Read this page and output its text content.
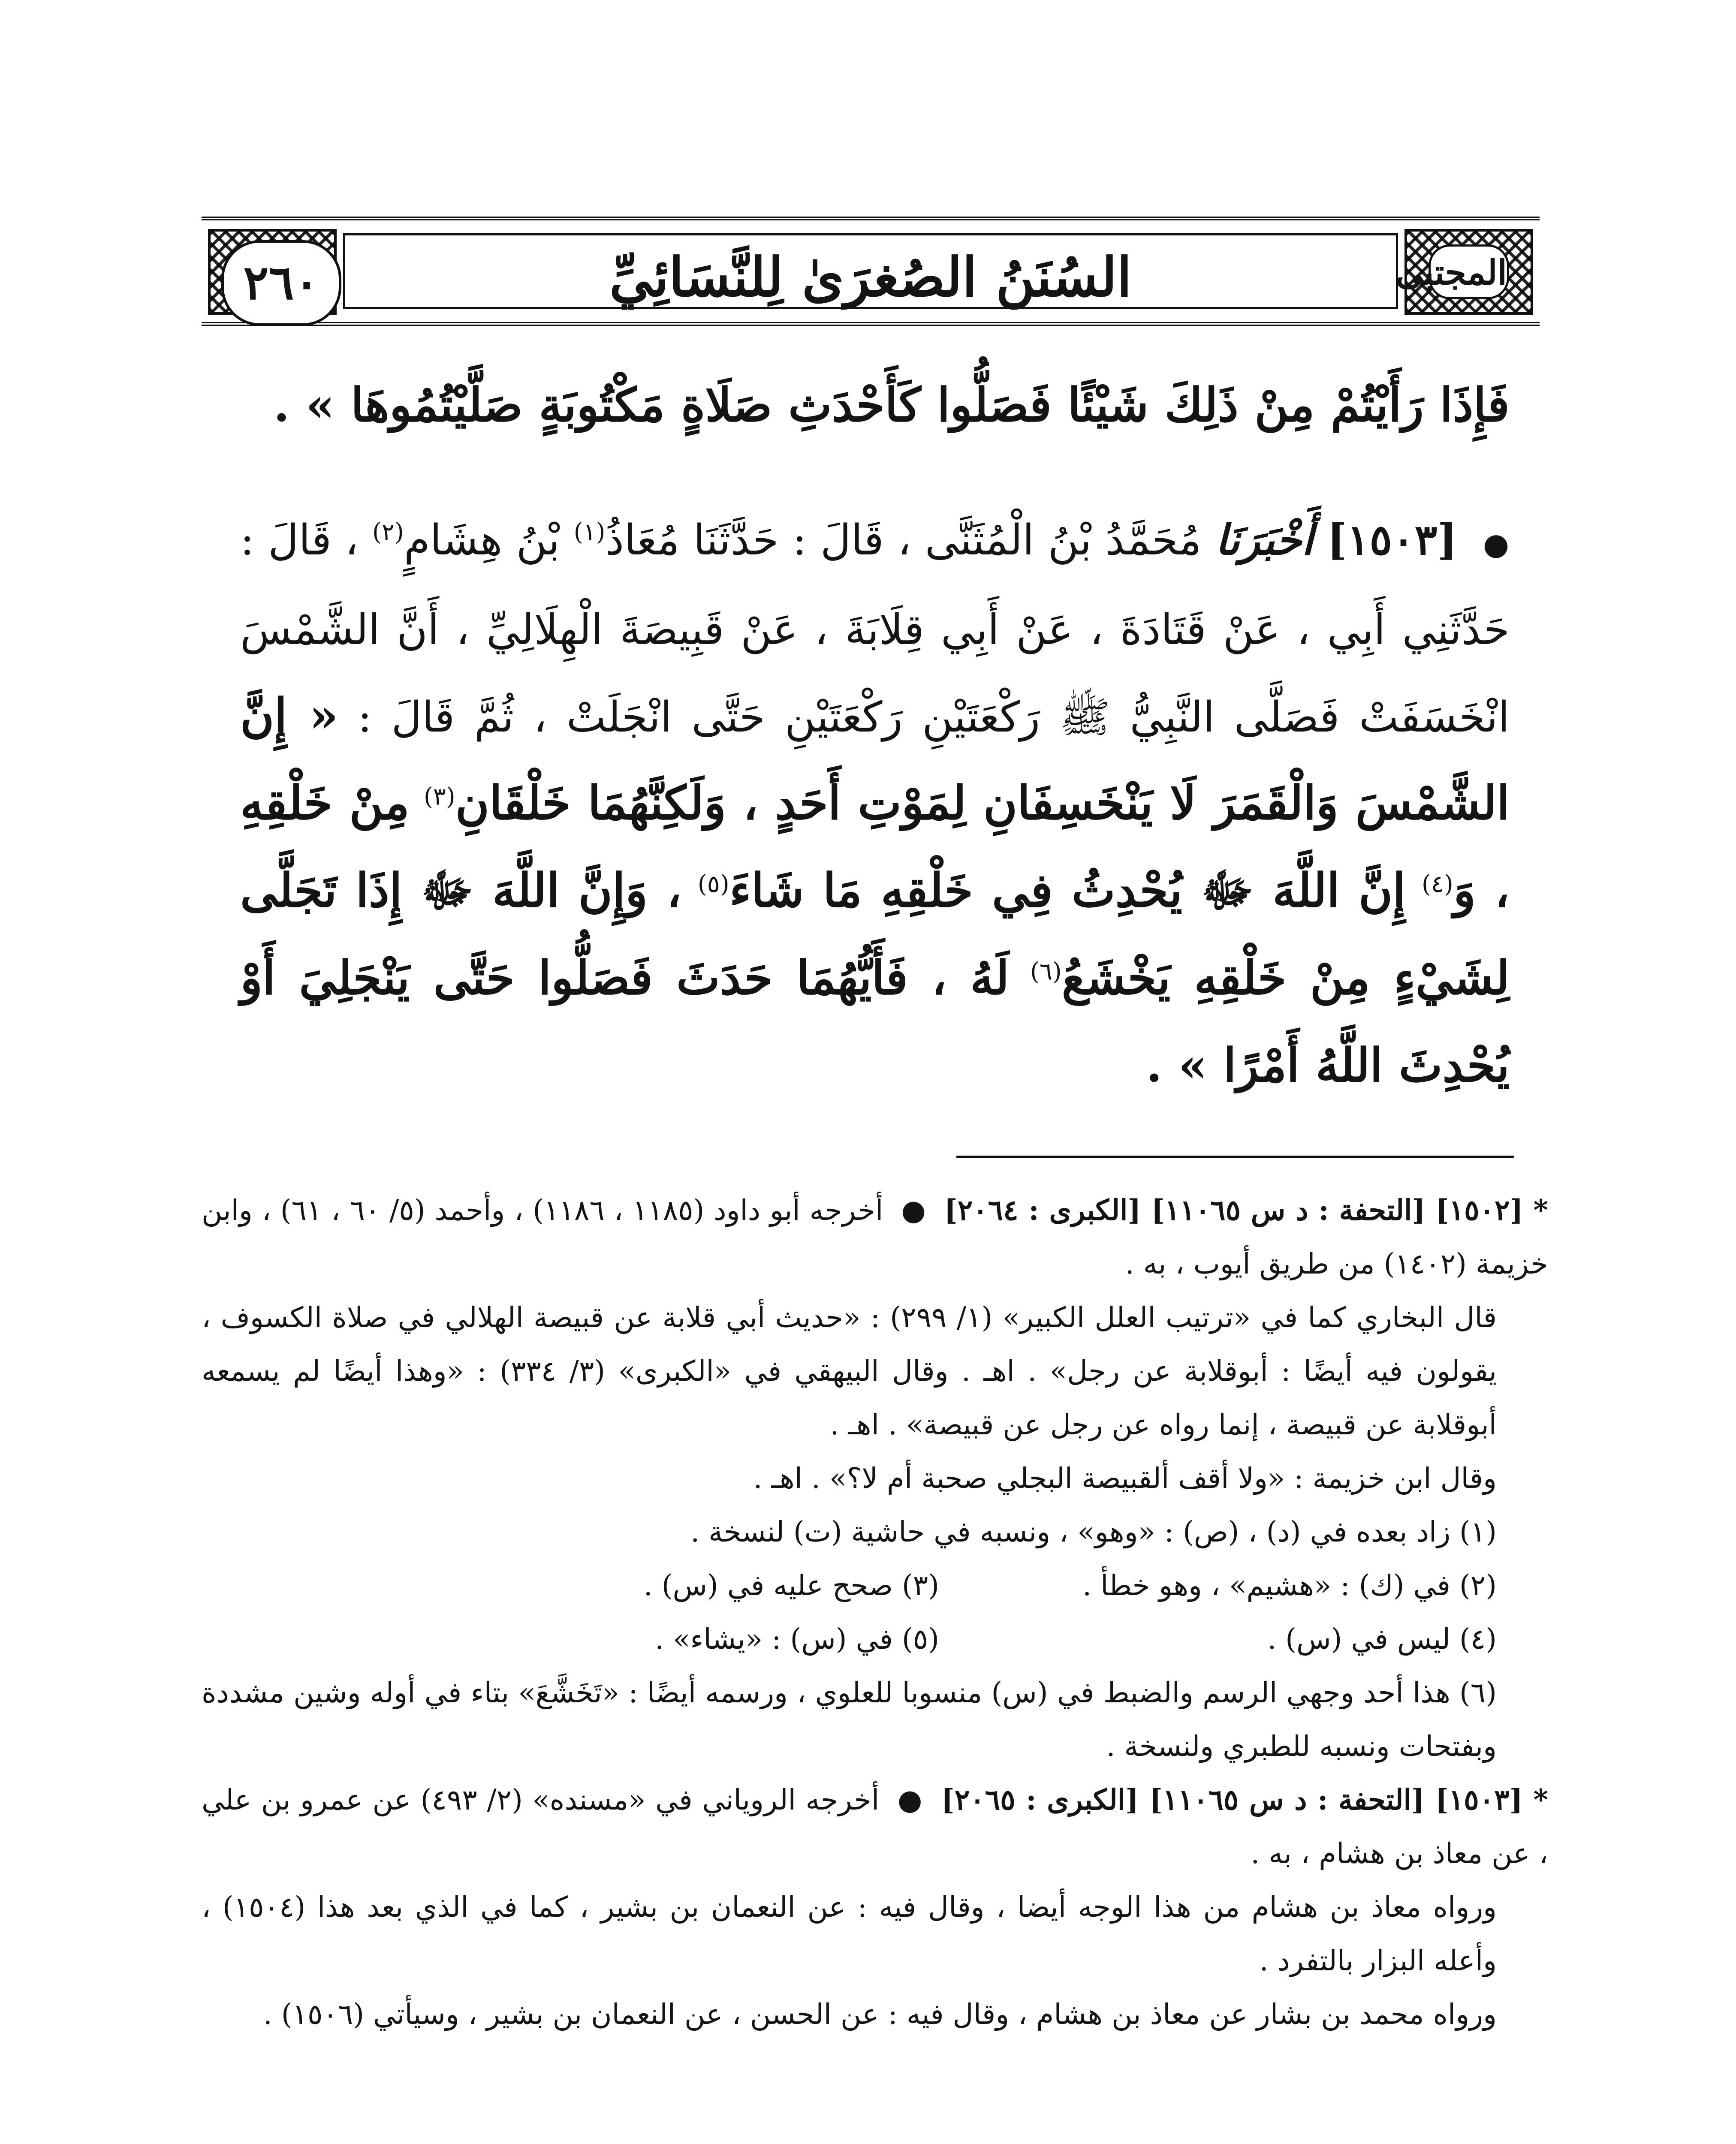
المجتبى
السُنَنُ الصُغرَىٰ لِلنَّسَائِيِّ
٢٦٠
فَإِذَا رَأَيْتُمْ مِنْ ذَلِكَ شَيْئًا فَصَلُّوا كَأَحْدَثِ صَلَاةٍ مَكْتُوبَةٍ صَلَّيْتُمُوهَا » .
● [١٥٠٣] أَخْبَرَنَا مُحَمَّدُ بْنُ الْمُثَنَّى ، قَالَ : حَدَّثَنَا مُعَاذُ$^{(١)}$ بْنُ هِشَامٍ$^{(٢)}$ ، قَالَ : حَدَّثَنِي أَبِي ، عَنْ قَتَادَةَ ، عَنْ أَبِي قِلَابَةَ ، عَنْ قَبِيصَةَ الْهِلَالِيِّ ، أَنَّ الشَّمْسَ انْخَسَفَتْ فَصَلَّى النَّبِيُّ ﷺ رَكْعَتَيْنِ رَكْعَتَيْنِ حَتَّى انْجَلَتْ ، ثُمَّ قَالَ : « إِنَّ الشَّمْسَ وَالْقَمَرَ لَا يَنْخَسِفَانِ لِمَوْتِ أَحَدٍ ، وَلَكِنَّهُمَا خَلْقَانِ$^{(٣)}$ مِنْ خَلْقِهِ ، وَ$^{(٤)}$ إِنَّ اللَّهَ ﷻ يُحْدِثُ فِي خَلْقِهِ مَا شَاءَ$^{(٥)}$ ، وَإِنَّ اللَّهَ ﷻ إِذَا تَجَلَّى لِشَيْءٍ مِنْ خَلْقِهِ يَخْشَعُ$^{(٦)}$ لَهُ ، فَأَيُّهُمَا حَدَثَ فَصَلُّوا حَتَّى يَنْجَلِيَ أَوْ يُحْدِثَ اللَّهُ أَمْرًا » .

* [١٥٠٢] [التحفة : د س ١١٠٦٥] [الكبرى : ٢٠٦٤] ● أخرجه أبو داود (١١٨٥ ، ١١٨٦) ، وأحمد (٥/ ٦٠ ، ٦١) ، وابن خزيمة (١٤٠٢) من طريق أيوب ، به .

قال البخاري كما في «ترتيب العلل الكبير» (١/ ٢٩٩) : «حديث أبي قلابة عن قبيصة الهلالي في صلاة الكسوف ، يقولون فيه أيضًا : أبوقلابة عن رجل» . اهـ . وقال البيهقي في «الكبرى» (٣/ ٣٣٤) : «وهذا أيضًا لم يسمعه أبوقلابة عن قبيصة ، إنما رواه عن رجل عن قبيصة» . اهـ .

وقال ابن خزيمة : «ولا أقف ألقبيصة البجلي صحبة أم لا؟» . اهـ .

(١) زاد بعده في (د) ، (ص) : «وهو» ، ونسبه في حاشية (ت) لنسخة .

(٢) في (ك) : «هشيم» ، وهو خطأ .
(٣) صحح عليه في (س) .
(٤) ليس في (س) .
(٥) في (س) : «يشاء» .

(٦) هذا أحد وجهي الرسم والضبط في (س) منسوبا للعلوي ، ورسمه أيضًا : «تَخَشَّعَ» بتاء في أوله وشين مشددة وبفتحات ونسبه للطبري ولنسخة .

* [١٥٠٣] [التحفة : د س ١١٠٦٥] [الكبرى : ٢٠٦٥] ● أخرجه الروياني في «مسنده» (٢/ ٤٩٣) عن عمرو بن علي ، عن معاذ بن هشام ، به .

ورواه معاذ بن هشام من هذا الوجه أيضا ، وقال فيه : عن النعمان بن بشير ، كما في الذي بعد هذا (١٥٠٤) ، وأعله البزار بالتفرد .

ورواه محمد بن بشار عن معاذ بن هشام ، وقال فيه : عن الحسن ، عن النعمان بن بشير ، وسيأتي (١٥٠٦) .
